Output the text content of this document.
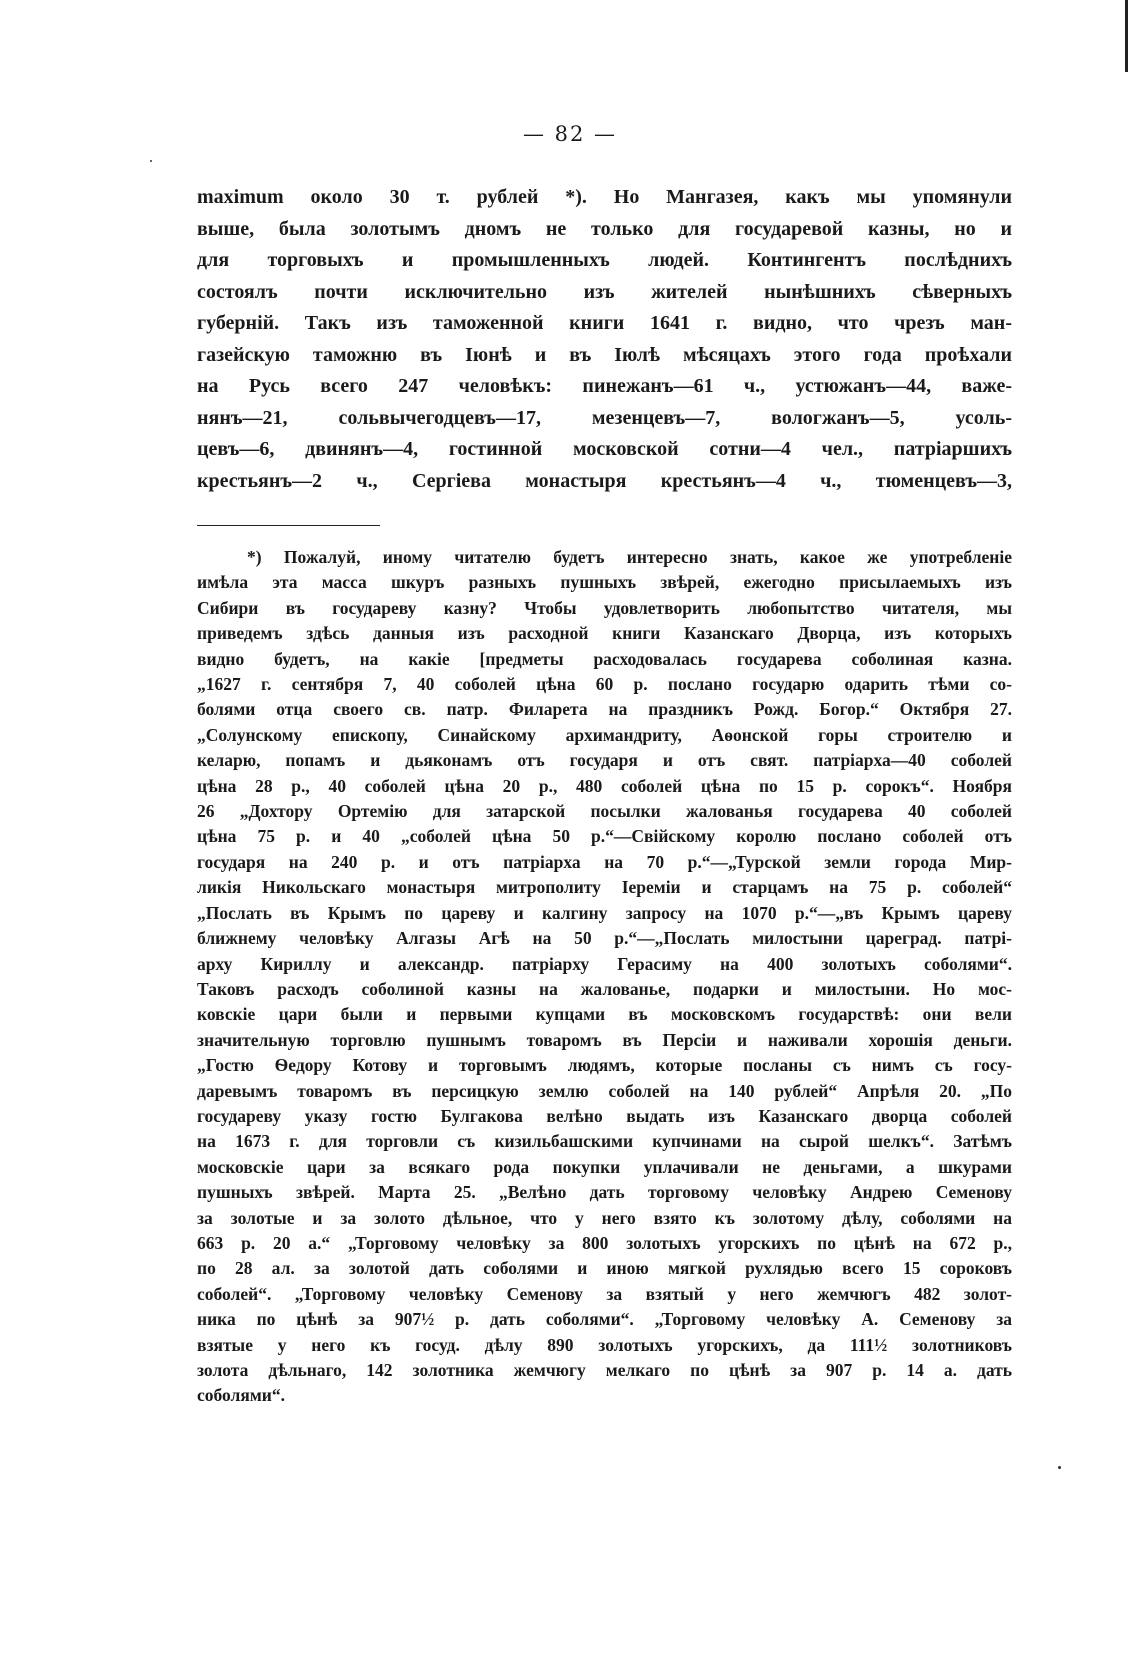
— 82 —
maximum около 30 т. рублей *). Но Мангазея, какъ мы упомянули
выше, была золотымъ дномъ не только для государевой казны, но и
для торговыхъ и промышленныхъ людей. Контингентъ послѣднихъ
состоялъ почти исключительно изъ жителей нынѣшнихъ сѣверныхъ
губерній. Такъ изъ таможенной книги 1641 г. видно, что чрезъ ман-
газейскую таможню въ Іюнѣ и въ Іюлѣ мѣсяцахъ этого года проѣхали
на Русь всего 247 человѣкъ: пинежанъ—61 ч., устюжанъ—44, важе-
нянъ—21, сольвычегодцевъ—17, мезенцевъ—7, вологжанъ—5, усоль-
цевъ—6, двинянъ—4, гостинной московской сотни—4 чел., патріаршихъ
крестьянъ—2 ч., Сергіева монастыря крестьянъ—4 ч., тюменцевъ—3,
*) Пожалуй, иному читателю будетъ интересно знать, какое же употребленіе
имѣла эта масса шкуръ разныхъ пушныхъ звѣрей, ежегодно присылаемыхъ изъ
Сибири въ государеву казну? Чтобы удовлетворить любопытство читателя, мы
приведемъ здѣсь данныя изъ расходной книги Казанскаго Дворца, изъ которыхъ
видно будетъ, на какіе [предметы расходовалась государева соболиная казна.
„1627 г. сентября 7, 40 соболей цѣна 60 р. послано государю одарить тѣми со-
болями отца своего св. патр. Филарета на праздникъ Рожд. Богор.“ Октября 27.
„Солунскому епископу, Синайскому архимандриту, Аѳонской горы строителю и
келарю, попамъ и дьяконамъ отъ государя и отъ свят. патріарха—40 соболей
цѣна 28 р., 40 соболей цѣна 20 р., 480 соболей цѣна по 15 р. сорокъ“. Ноября
26 „Дохтору Ортемію для затарской посылки жалованья государева 40 соболей
цѣна 75 р. и 40 „соболей цѣна 50 р.“—Свійскому королю послано соболей отъ
государя на 240 р. и отъ патріарха на 70 р.“—„Турской земли города Мир-
ликія Никольскаго монастыря митрополиту Іереміи и старцамъ на 75 р. соболей“
„Послать въ Крымъ по цареву и калгину запросу на 1070 р.“—„въ Крымъ цареву
ближнему человѣку Алгазы Агѣ на 50 р.“—„Послать милостыни цареград. патрі-
арху Кириллу и александр. патріарху Герасиму на 400 золотыхъ соболями“.
Таковъ расходъ соболиной казны на жалованье, подарки и милостыни. Но мос-
ковскіе цари были и первыми купцами въ московскомъ государствѣ: они вели
значительную торговлю пушнымъ товаромъ въ Персіи и наживали хорошія деньги.
„Гостю Ѳедору Котову и торговымъ людямъ, которые посланы съ нимъ съ госу-
даревымъ товаромъ въ персицкую землю соболей на 140 рублей“ Апрѣля 20. „По
государеву указу гостю Булгакова велѣно выдать изъ Казанскаго дворца соболей
на 1673 г. для торговли съ кизильбашскими купчинами на сырой шелкъ“. Затѣмъ
московскіе цари за всякаго рода покупки уплачивали не деньгами, а шкурами
пушныхъ звѣрей. Марта 25. „Велѣно дать торговому человѣку Андрею Семенову
за золотые и за золото дѣльное, что у него взято къ золотому дѣлу, соболями на
663 р. 20 а.“ „Торговому человѣку за 800 золотыхъ угорскихъ по цѣнѣ на 672 р.,
по 28 ал. за золотой дать соболями и иною мягкой рухлядью всего 15 сороковъ
соболей“. „Торговому человѣку Семенову за взятый у него жемчюгъ 482 золот-
ника по цѣнѣ за 907½ р. дать соболями“. „Торговому человѣку А. Семенову за
взятые у него къ госуд. дѣлу 890 золотыхъ угорскихъ, да 111½ золотниковъ
золота дѣльнаго, 142 золотника жемчюгу мелкаго по цѣнѣ за 907 р. 14 а. дать
соболями“.
